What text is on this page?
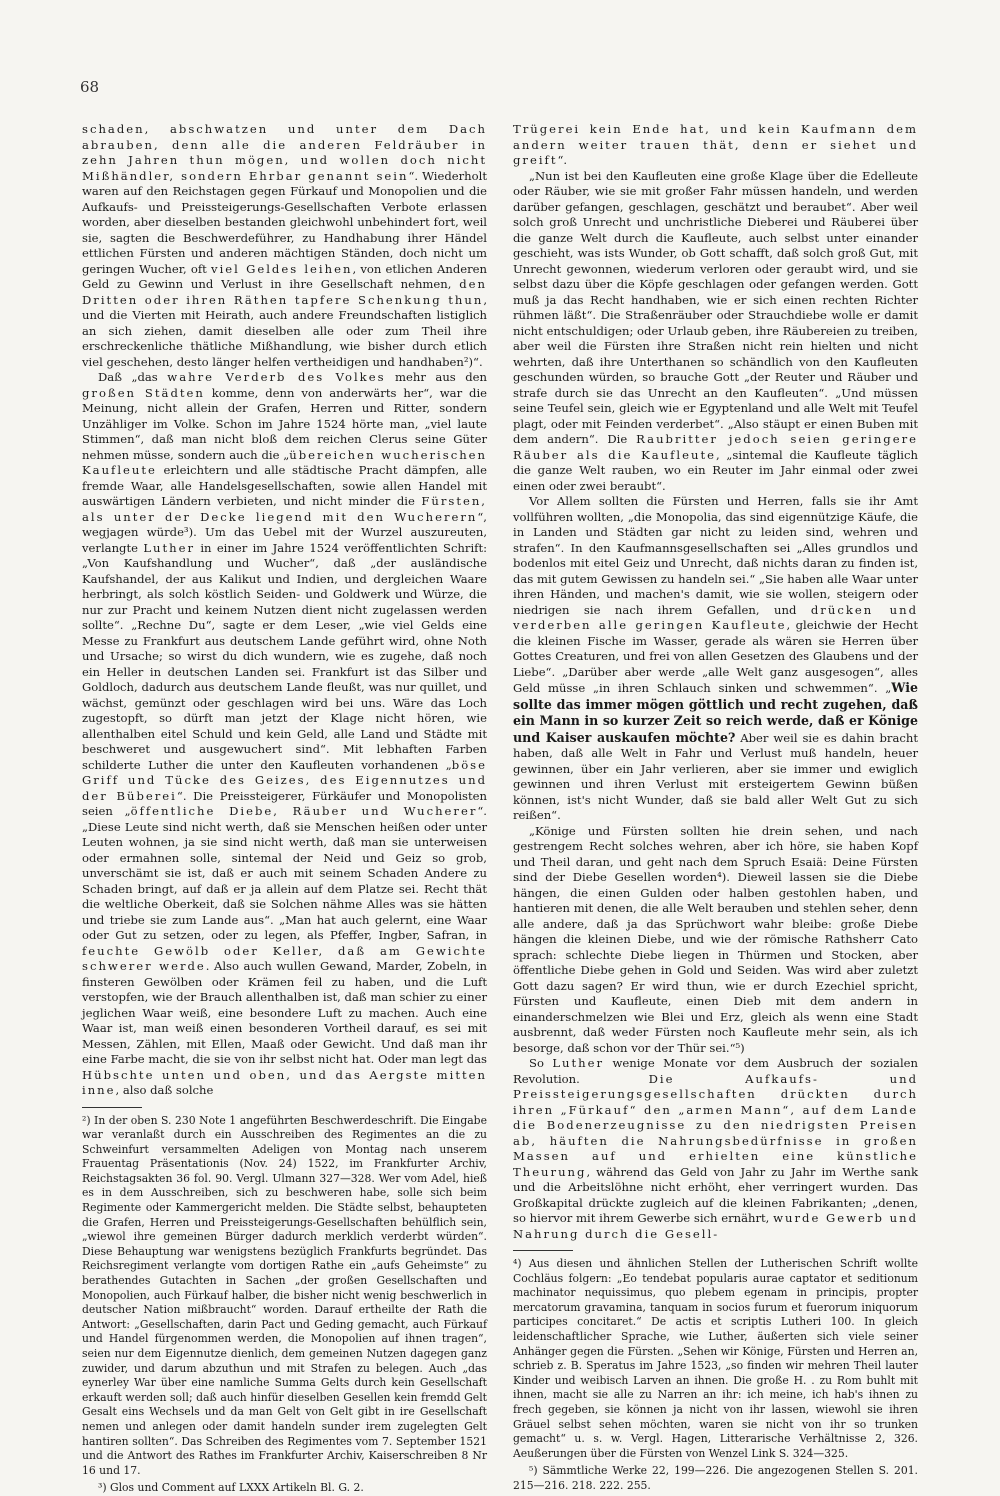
68

schaden, abschwatzen und unter dem Dach abrauben, denn alle die anderen Feldräuber in zehn Jahren thun mögen, und wollen doch nicht Mißhändler, sondern Ehrbar genannt sein“. Wiederholt waren auf den Reichstagen gegen Fürkauf und Monopolien und die Aufkaufs- und Preissteigerungs-Gesellschaften Verbote erlassen worden, aber dieselben bestanden gleichwohl unbehindert fort, weil sie, sagten die Beschwerdeführer, zu Handhabung ihrer Händel ettlichen Fürsten und anderen mächtigen Ständen, doch nicht um geringen Wucher, oft viel Geldes leihen, von etlichen Anderen Geld zu Gewinn und Verlust in ihre Gesellschaft nehmen, den Dritten oder ihren Räthen tapfere Schenkung thun, und die Vierten mit Heirath, auch andere Freundschaften listiglich an sich ziehen, damit dieselben alle oder zum Theil ihre erschreckenliche thätliche Mißhandlung, wie bisher durch etlich viel geschehen, desto länger helfen vertheidigen und handhaben²)“.

Daß „das wahre Verderb des Volkes mehr aus den großen Städten komme, denn von anderwärts her“, war die Meinung, nicht allein der Grafen, Herren und Ritter, sondern Unzähliger im Volke. Schon im Jahre 1524 hörte man, „viel laute Stimmen“, daß man nicht bloß dem reichen Clerus seine Güter nehmen müsse, sondern auch die „übereichen wucherischen Kaufleute erleichtern und alle städtische Pracht dämpfen, alle fremde Waar, alle Handelsgesellschaften, sowie allen Handel mit auswärtigen Ländern verbieten, und nicht minder die Fürsten, als unter der Decke liegend mit den Wucherern“, wegjagen würde³). Um das Uebel mit der Wurzel auszureuten, verlangte Luther in einer im Jahre 1524 veröffentlichten Schrift: „Von Kaufshandlung und Wucher“, daß „der ausländische Kaufshandel, der aus Kalikut und Indien, und dergleichen Waare herbringt, als solch köstlich Seiden- und Goldwerk und Würze, die nur zur Pracht und keinem Nutzen dient nicht zugelassen werden sollte“. „Rechne Du“, sagte er dem Leser, „wie viel Gelds eine Messe zu Frankfurt aus deutschem Lande geführt wird, ohne Noth und Ursache; so wirst du dich wundern, wie es zugehe, daß noch ein Heller in deutschen Landen sei. Frankfurt ist das Silber und Goldloch, dadurch aus deutschem Lande fleußt, was nur quillet, und wächst, gemünzt oder geschlagen wird bei uns. Wäre das Loch zugestopft, so dürft man jetzt der Klage nicht hören, wie allenthalben eitel Schuld und kein Geld, alle Land und Städte mit beschweret und ausgewuchert sind“. Mit lebhaften Farben schilderte Luther die unter den Kaufleuten vorhandenen „böse Griff und Tücke des Geizes, des Eigennutzes und der Büberei“. Die Preissteigerer, Fürkäufer und Monopolisten seien „öffentliche Diebe, Räuber und Wucherer“. „Diese Leute sind nicht werth, daß sie Menschen heißen oder unter Leuten wohnen, ja sie sind nicht werth, daß man sie unterweisen oder ermahnen solle, sintemal der Neid und Geiz so grob, unverschämt sie ist, daß er auch mit seinem Schaden Andere zu Schaden bringt, auf daß er ja allein auf dem Platze sei. Recht thät die weltliche Oberkeit, daß sie Solchen nähme Alles was sie hätten und triebe sie zum Lande aus“. „Man hat auch gelernt, eine Waar oder Gut zu setzen, oder zu legen, als Pfeffer, Ingber, Safran, in feuchte Gewölb oder Keller, daß am Gewichte schwerer werde. Also auch wullen Gewand, Marder, Zobeln, in finsteren Gewölben oder Krämen feil zu haben, und die Luft verstopfen, wie der Brauch allenthalben ist, daß man schier zu einer jeglichen Waar weiß, eine besondere Luft zu machen. Auch eine Waar ist, man weiß einen besonderen Vortheil darauf, es sei mit Messen, Zählen, mit Ellen, Maaß oder Gewicht. Und daß man ihr eine Farbe macht, die sie von ihr selbst nicht hat. Oder man legt das Hübschte unten und oben, und das Aergste mitten inne, also daß solche

²) In der oben S. 230 Note 1 angeführten Beschwerdeschrift. Die Eingabe war veranlaßt durch ein Ausschreiben des Regimentes an die zu Schweinfurt versammelten Adeligen von Montag nach unserem Frauentag Präsentationis (Nov. 24) 1522, im Frankfurter Archiv, Reichstagsakten 36 fol. 90. Vergl. Ulmann 327—328. Wer vom Adel, hieß es in dem Ausschreiben, sich zu beschweren habe, solle sich beim Regimente oder Kammergericht melden. Die Städte selbst, behaupteten die Grafen, Herren und Preissteigerungs-Gesellschaften behülflich sein, „wiewol ihre gemeinen Bürger dadurch merklich verderbt würden“. Diese Behauptung war wenigstens bezüglich Frankfurts begründet. Das Reichsregiment verlangte vom dortigen Rathe ein „aufs Geheimste“ zu berathendes Gutachten in Sachen „der großen Gesellschaften und Monopolien, auch Fürkauf halber, die bisher nicht wenig beschwerlich in deutscher Nation mißbraucht“ worden. Darauf ertheilte der Rath die Antwort: „Gesellschaften, darin Pact und Geding gemacht, auch Fürkauf und Handel fürgenommen werden, die Monopolien auf ihnen tragen“, seien nur dem Eigennutze dienlich, dem gemeinen Nutzen dagegen ganz zuwider, und darum abzuthun und mit Strafen zu belegen. Auch „das eynerley War über eine namliche Summa Gelts durch kein Gesellschaft erkauft werden soll; daß auch hinfür dieselben Gesellen kein fremdd Gelt Gesalt eins Wechsels und da man Gelt von Gelt gibt in ire Gesellschaft nemen und anlegen oder damit handeln sunder irem zugelegten Gelt hantiren sollten“. Das Schreiben des Regimentes vom 7. September 1521 und die Antwort des Rathes im Frankfurter Archiv, Kaiserschreiben 8 Nr 16 und 17.

³) Glos und Comment auf LXXX Artikeln Bl. G. 2.

Trügerei kein Ende hat, und kein Kaufmann dem andern weiter trauen thät, denn er siehet und greift“.

„Nun ist bei den Kaufleuten eine große Klage über die Edelleute oder Räuber, wie sie mit großer Fahr müssen handeln, und werden darüber gefangen, geschlagen, geschätzt und beraubet“. Aber weil solch groß Unrecht und unchristliche Dieberei und Räuberei über die ganze Welt durch die Kaufleute, auch selbst unter einander geschieht, was ists Wunder, ob Gott schafft, daß solch groß Gut, mit Unrecht gewonnen, wiederum verloren oder geraubt wird, und sie selbst dazu über die Köpfe geschlagen oder gefangen werden. Gott muß ja das Recht handhaben, wie er sich einen rechten Richter rühmen läßt“. Die Straßenräuber oder Strauchdiebe wolle er damit nicht entschuldigen; oder Urlaub geben, ihre Räubereien zu treiben, aber weil die Fürsten ihre Straßen nicht rein hielten und nicht wehrten, daß ihre Unterthanen so schändlich von den Kaufleuten geschunden würden, so brauche Gott „der Reuter und Räuber und strafe durch sie das Unrecht an den Kaufleuten“. „Und müssen seine Teufel sein, gleich wie er Egyptenland und alle Welt mit Teufel plagt, oder mit Feinden verderbet“. „Also stäupt er einen Buben mit dem andern“. Die Raubritter jedoch seien geringere Räuber als die Kaufleute, „sintemal die Kaufleute täglich die ganze Welt rauben, wo ein Reuter im Jahr einmal oder zwei einen oder zwei beraubt“.

Vor Allem sollten die Fürsten und Herren, falls sie ihr Amt vollführen wollten, „die Monopolia, das sind eigennützige Käufe, die in Landen und Städten gar nicht zu leiden sind, wehren und strafen“. In den Kaufmannsgesellschaften sei „Alles grundlos und bodenlos mit eitel Geiz und Unrecht, daß nichts daran zu finden ist, das mit gutem Gewissen zu handeln sei.“ „Sie haben alle Waar unter ihren Händen, und machen's damit, wie sie wollen, steigern oder niedrigen sie nach ihrem Gefallen, und drücken und verderben alle geringen Kaufleute, gleichwie der Hecht die kleinen Fische im Wasser, gerade als wären sie Herren über Gottes Creaturen, und frei von allen Gesetzen des Glaubens und der Liebe“. „Darüber aber werde „alle Welt ganz ausgesogen“, alles Geld müsse „in ihren Schlauch sinken und schwemmen“. „Wie sollte das immer mögen göttlich und recht zugehen, daß ein Mann in so kurzer Zeit so reich werde, daß er Könige und Kaiser auskaufen möchte? Aber weil sie es dahin bracht haben, daß alle Welt in Fahr und Verlust muß handeln, heuer gewinnen, über ein Jahr verlieren, aber sie immer und ewiglich gewinnen und ihren Verlust mit ersteigertem Gewinn büßen können, ist's nicht Wunder, daß sie bald aller Welt Gut zu sich reißen“.

„Könige und Fürsten sollten hie drein sehen, und nach gestrengem Recht solches wehren, aber ich höre, sie haben Kopf und Theil daran, und geht nach dem Spruch Esaiä: Deine Fürsten sind der Diebe Gesellen worden⁴). Dieweil lassen sie die Diebe hängen, die einen Gulden oder halben gestohlen haben, und hantieren mit denen, die alle Welt berauben und stehlen seher, denn alle andere, daß ja das Sprüchwort wahr bleibe: große Diebe hängen die kleinen Diebe, und wie der römische Rathsherr Cato sprach: schlechte Diebe liegen in Thürmen und Stocken, aber öffentliche Diebe gehen in Gold und Seiden. Was wird aber zuletzt Gott dazu sagen? Er wird thun, wie er durch Ezechiel spricht, Fürsten und Kaufleute, einen Dieb mit dem andern in einanderschmelzen wie Blei und Erz, gleich als wenn eine Stadt ausbrennt, daß weder Fürsten noch Kaufleute mehr sein, als ich besorge, daß schon vor der Thür sei.“⁵)

So Luther wenige Monate vor dem Ausbruch der sozialen Revolution. Die Aufkaufs- und Preissteigerungsgesellschaften drückten durch ihren „Fürkauf“ den „armen Mann“, auf dem Lande die Bodenerzeugnisse zu den niedrigsten Preisen ab, häuften die Nahrungsbedürfnisse in großen Massen auf und erhielten eine künstliche Theurung, während das Geld von Jahr zu Jahr im Werthe sank und die Arbeitslöhne nicht erhöht, eher verringert wurden. Das Großkapital drückte zugleich auf die kleinen Fabrikanten; „denen, so hiervor mit ihrem Gewerbe sich ernährt, wurde Gewerb und Nahrung durch die Gesell-

⁴) Aus diesen und ähnlichen Stellen der Lutherischen Schrift wollte Cochläus folgern: „Eo tendebat popularis aurae captator et seditionum machinator nequissimus, quo plebem egenam in principis, propter mercatorum gravamina, tanquam in socios furum et fuerorum iniquorum participes concitaret.“ De actis et scriptis Lutheri 100. In gleich leidenschaftlicher Sprache, wie Luther, äußerten sich viele seiner Anhänger gegen die Fürsten. „Sehen wir Könige, Fürsten und Herren an, schrieb z. B. Speratus im Jahre 1523, „so finden wir mehren Theil lauter Kinder und weibisch Larven an ihnen. Die große H. . zu Rom buhlt mit ihnen, macht sie alle zu Narren an ihr: ich meine, ich hab's ihnen zu frech gegeben, sie können ja nicht von ihr lassen, wiewohl sie ihren Gräuel selbst sehen möchten, waren sie nicht von ihr so trunken gemacht“ u. s. w. Vergl. Hagen, Litterarische Verhältnisse 2, 326. Aeußerungen über die Fürsten von Wenzel Link S. 324—325.

⁵) Sämmtliche Werke 22, 199—226. Die angezogenen Stellen S. 201. 215—216. 218. 222. 255.
